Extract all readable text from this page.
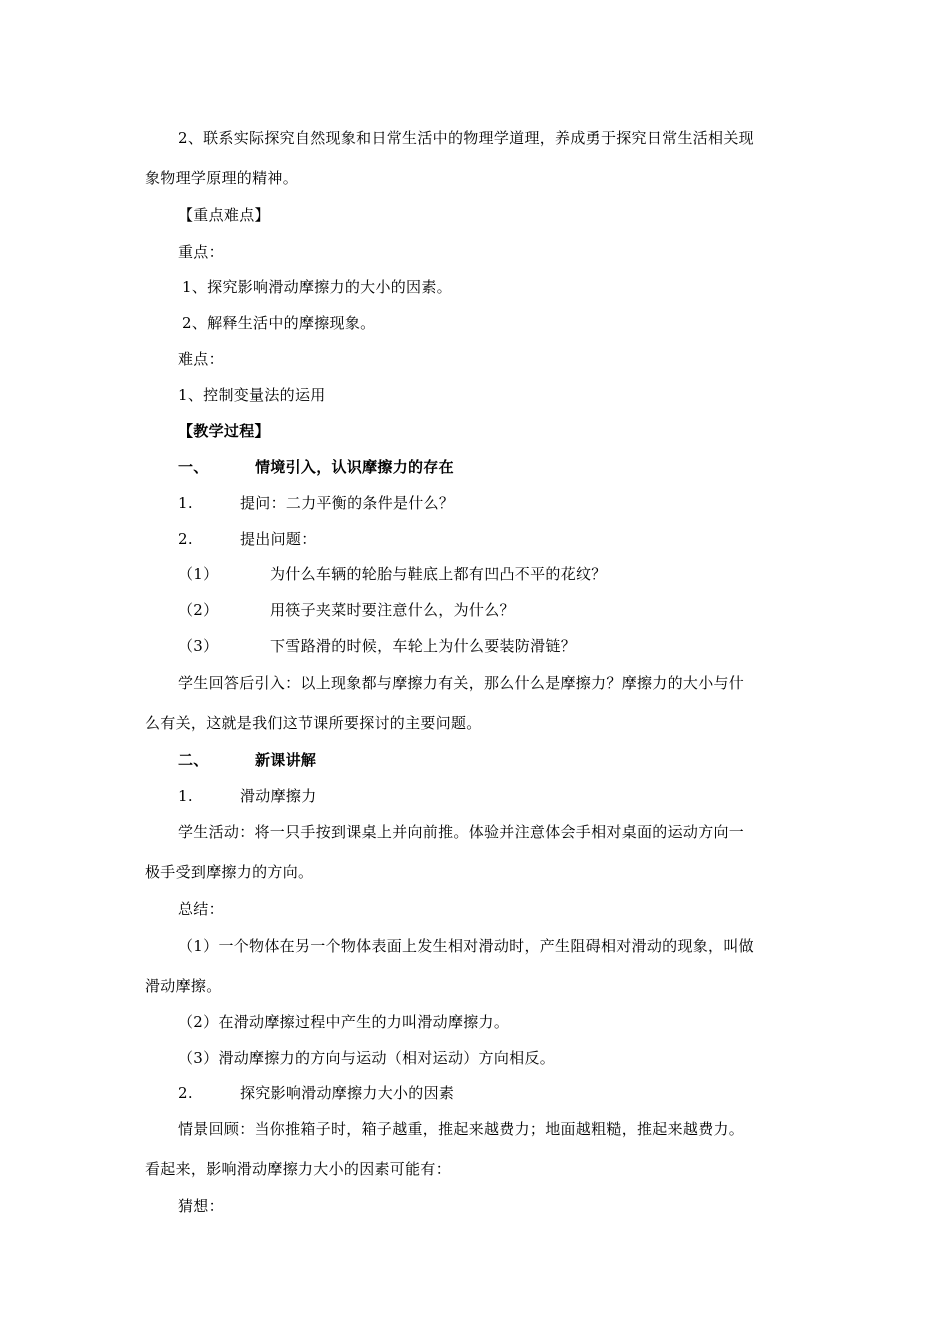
2、联系实际探究自然现象和日常生活中的物理学道理，养成勇于探究日常生活相关现
象物理学原理的精神。
【重点难点】
重点：
1、探究影响滑动摩擦力的大小的因素。
2、解释生活中的摩擦现象。
难点：
1、控制变量法的运用
【教学过程】
一、	情境引入，认识摩擦力的存在
1.	提问：二力平衡的条件是什么？
2.	提出问题：
（1）	为什么车辆的轮胎与鞋底上都有凹凸不平的花纹？
（2）	用筷子夹菜时要注意什么，为什么？
（3）	下雪路滑的时候，车轮上为什么要装防滑链？
学生回答后引入：以上现象都与摩擦力有关，那么什么是摩擦力？摩擦力的大小与什
么有关，这就是我们这节课所要探讨的主要问题。
二、	新课讲解
1.	滑动摩擦力
学生活动：将一只手按到课桌上并向前推。体验并注意体会手相对桌面的运动方向一
极手受到摩擦力的方向。
总结：
（1）一个物体在另一个物体表面上发生相对滑动时，产生阻碍相对滑动的现象，叫做
滑动摩擦。
（2）在滑动摩擦过程中产生的力叫滑动摩擦力。
（3）滑动摩擦力的方向与运动（相对运动）方向相反。
2.	探究影响滑动摩擦力大小的因素
情景回顾：当你推箱子时，箱子越重，推起来越费力；地面越粗糙，推起来越费力。
看起来，影响滑动摩擦力大小的因素可能有：
猜想：
